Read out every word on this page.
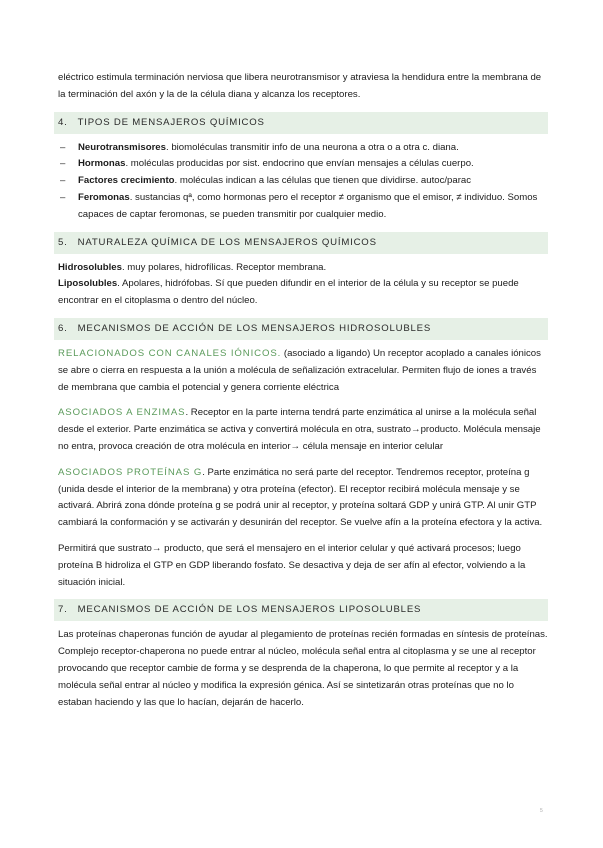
eléctrico estimula terminación nerviosa que libera neurotransmisor y atraviesa la hendidura entre la membrana de la terminación del axón y la de la célula diana y alcanza los receptores.

4. TIPOS DE MENSAJEROS QUÍMICOS
– Neurotransmisores. biomoléculas transmitir info de una neurona a otra o a otra c. diana.
– Hormonas. moléculas producidas por sist. endocrino que envían mensajes a células cuerpo.
– Factores crecimiento. moléculas indican a las células que tienen que dividirse. autoc/parac
– Feromonas. sustancias qª, como hormonas pero el receptor ≠ organismo que el emisor, ≠ individuo. Somos capaces de captar feromonas, se pueden transmitir por cualquier medio.
5. NATURALEZA QUÍMICA DE LOS MENSAJEROS QUÍMICOS

Hidrosolubles. muy polares, hidrofílicas. Receptor membrana.

Liposolubles. Apolares, hidrófobas. Sí que pueden difundir en el interior de la célula y su receptor se puede encontrar en el citoplasma o dentro del núcleo.

6. MECANISMOS DE ACCIÓN DE LOS MENSAJEROS HIDROSOLUBLES

RELACIONADOS CON CANALES IÓNICOS. (asociado a ligando) Un receptor acoplado a canales iónicos se abre o cierra en respuesta a la unión a molécula de señalización extracelular. Permiten flujo de iones a través de membrana que cambia el potencial y genera corriente eléctrica

ASOCIADOS A ENZIMAS. Receptor en la parte interna tendrá parte enzimática al unirse a la molécula señal desde el exterior. Parte enzimática se activa y convertirá molécula en otra, sustrato→producto. Molécula mensaje no entra, provoca creación de otra molécula en interior→ célula mensaje en interior celular

ASOCIADOS PROTEÍNAS G. Parte enzimática no será parte del receptor. Tendremos receptor, proteína g (unida desde el interior de la membrana) y otra proteína (efector). El receptor recibirá molécula mensaje y se activará. Abrirá zona dónde proteína g se podrá unir al receptor, y proteína soltará GDP y unirá GTP. Al unir GTP cambiará la conformación y se activarán y desunirán del receptor. Se vuelve afín a la proteína efectora y la activa.

Permitirá que sustrato→ producto, que será el mensajero en el interior celular y qué activará procesos; luego proteína B hidroliza el GTP en GDP liberando fosfato. Se desactiva y deja de ser afín al efector, volviendo a la situación inicial.

7. MECANISMOS DE ACCIÓN DE LOS MENSAJEROS LIPOSOLUBLES

Las proteínas chaperonas función de ayudar al plegamiento de proteínas recién formadas en síntesis de proteínas. Complejo receptor-chaperona no puede entrar al núcleo, molécula señal entra al citoplasma y se une al receptor provocando que receptor cambie de forma y se desprenda de la chaperona, lo que permite al receptor y a la molécula señal entrar al núcleo y modifica la expresión génica. Así se sintetizarán otras proteínas que no lo estaban haciendo y las que lo hacían, dejarán de hacerlo.

5
